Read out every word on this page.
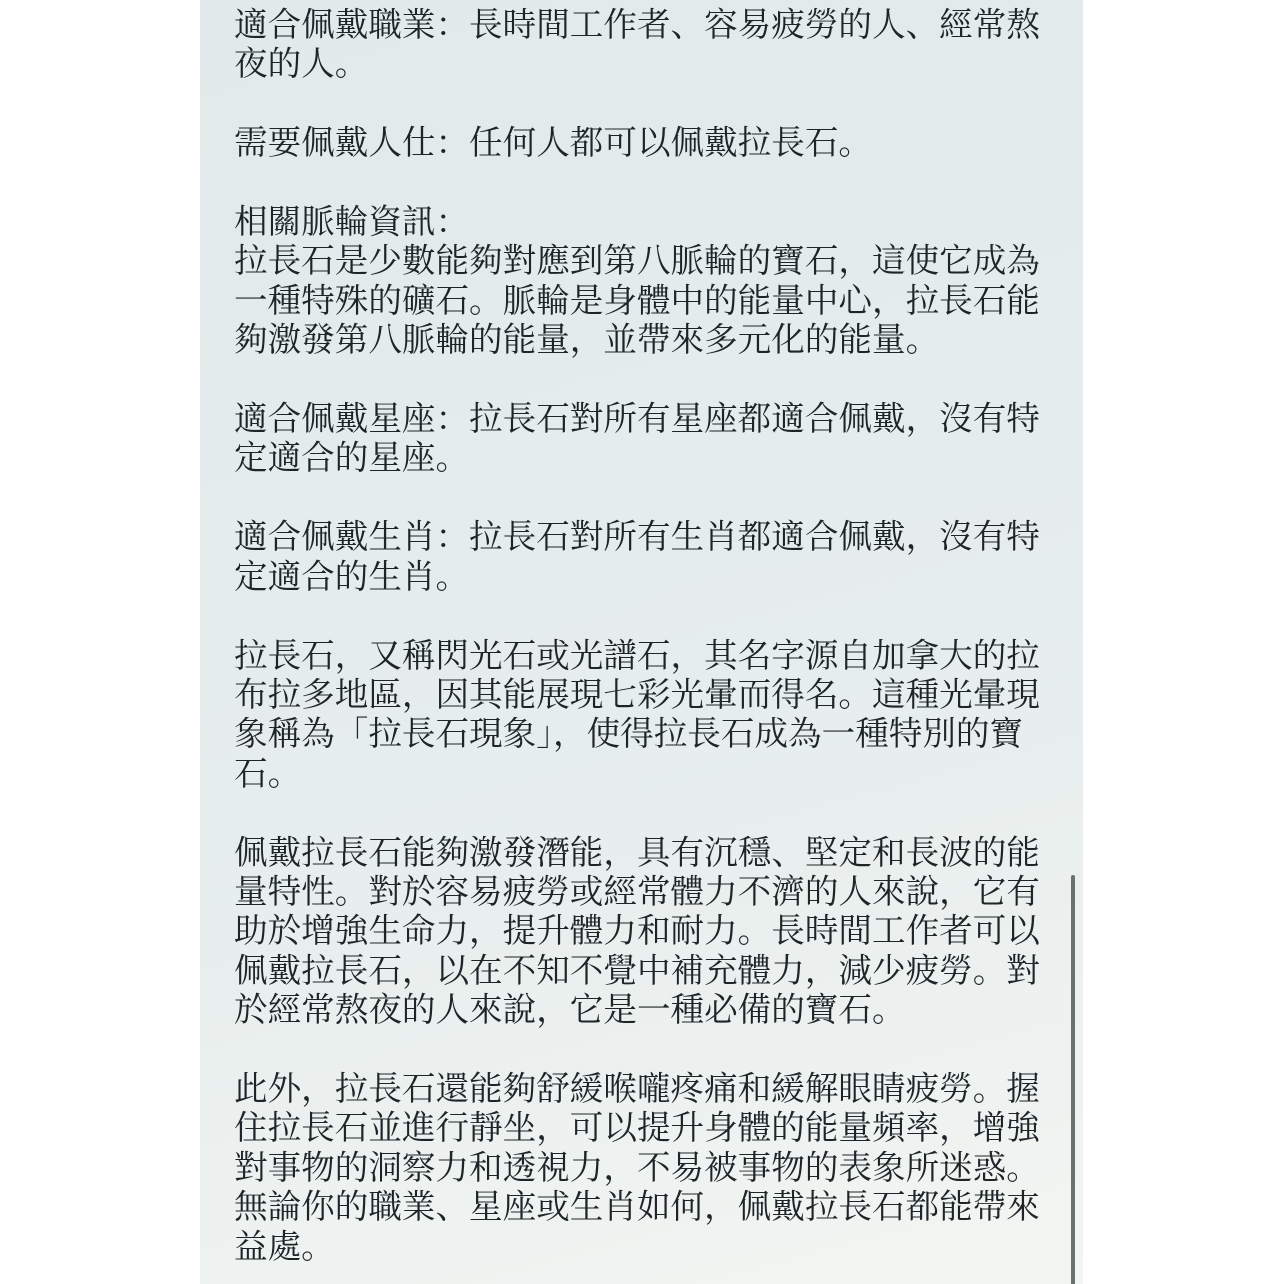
適合佩戴職業：長時間工作者、容易疲勞的人、經常熬
夜的人。
需要佩戴人仕：任何人都可以佩戴拉長石。
相關脈輪資訊：
拉長石是少數能夠對應到第八脈輪的寶石，這使它成為
一種特殊的礦石。脈輪是身體中的能量中心，拉長石能
夠激發第八脈輪的能量，並帶來多元化的能量。
適合佩戴星座：拉長石對所有星座都適合佩戴，沒有特
定適合的星座。
適合佩戴生肖：拉長石對所有生肖都適合佩戴，沒有特
定適合的生肖。
拉長石，又稱閃光石或光譜石，其名字源自加拿大的拉
布拉多地區，因其能展現七彩光暈而得名。這種光暈現
象稱為「拉長石現象」，使得拉長石成為一種特別的寶
石。
佩戴拉長石能夠激發潛能，具有沉穩、堅定和長波的能
量特性。對於容易疲勞或經常體力不濟的人來說，它有
助於增強生命力，提升體力和耐力。長時間工作者可以
佩戴拉長石，以在不知不覺中補充體力，減少疲勞。對
於經常熬夜的人來說，它是一種必備的寶石。
此外，拉長石還能夠舒緩喉嚨疼痛和緩解眼睛疲勞。握
住拉長石並進行靜坐，可以提升身體的能量頻率，增強
對事物的洞察力和透視力，不易被事物的表象所迷惑。
無論你的職業、星座或生肖如何，佩戴拉長石都能帶來
益處。
